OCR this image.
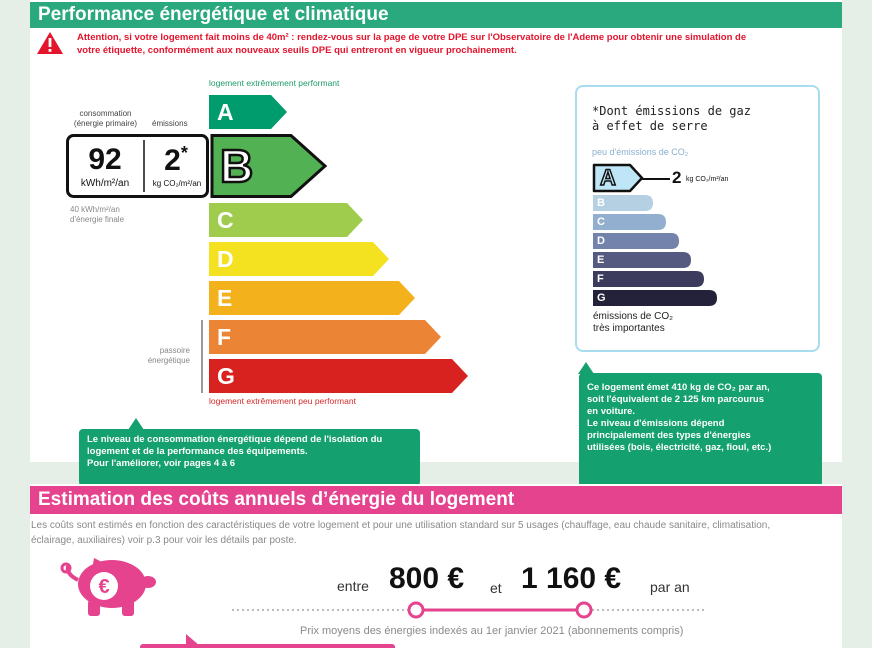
Performance énergétique et climatique
Attention, si votre logement fait moins de 40m² : rendez-vous sur la page de votre DPE sur l'Observatoire de l'Ademe pour obtenir une simulation de
votre étiquette, conformément aux nouveaux seuils DPE qui entreront en vigueur prochainement.
logement extrêmement performant
logement extrêmement peu performant
consommation
(énergie primaire)	émissions A
92
kWh/m²/an
2*
kg CO₂/m²/an B
C
D
E
F
G
passoire
énergétique
40 kWh/m²/an
d'énergie finale
Le niveau de consommation énergétique dépend de l'isolation du
logement et de la performance des équipements.
Pour l'améliorer, voir pages 4 à 6
*Dont émissions de gaz
à effet de serre
peu d'émissions de CO₂
A	2 kg CO₂/m²/an
B
C
D
E
F
G
émissions de CO₂
très importantes
Ce logement émet 410 kg de CO₂ par an,
soit l'équivalent de 2 125 km parcourus
en voiture.
Le niveau d'émissions dépend
principalement des types d'énergies
utilisées (bois, électricité, gaz, fioul, etc.)
Estimation des coûts annuels d’énergie du logement
Les coûts sont estimés en fonction des caractéristiques de votre logement et pour une utilisation standard sur 5 usages (chauffage, eau chaude sanitaire, climatisation,
éclairage, auxiliaires) voir p.3 pour voir les détails par poste.
€	entre 800 € et 1 160 € par an
Prix moyens des énergies indexés au 1er janvier 2021 (abonnements compris)
